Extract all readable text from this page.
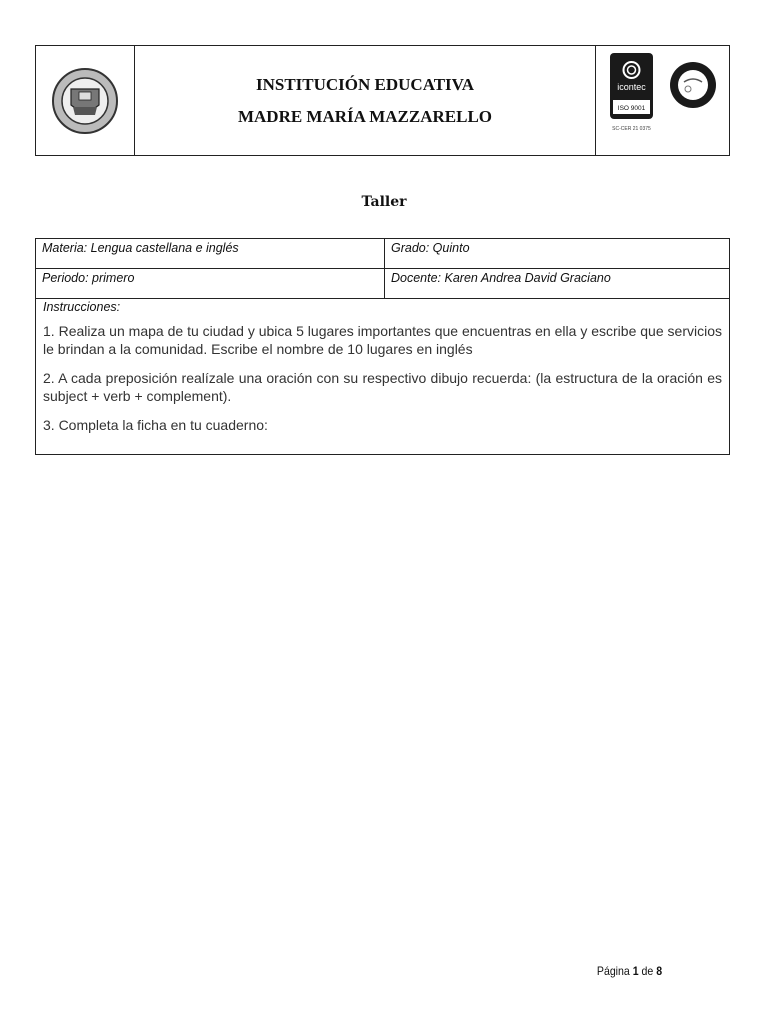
INSTITUCIÓN EDUCATIVA
MADRE MARÍA MAZZARELLO
icontec
ISO 9001
SC-CER 21 0375
Taller
Materia: Lengua castellana e inglés	Grado: Quinto
Periodo: primero	Docente: Karen Andrea David Graciano
Instrucciones:
1. Realiza un mapa de tu ciudad y ubica 5 lugares importantes que encuentras en ella y escribe que servicios le brindan a la comunidad. Escribe el nombre de 10 lugares en inglés
2. A cada preposición realízale una oración con su respectivo dibujo recuerda: (la estructura de la oración es subject + verb + complement).
3. Completa la ficha en tu cuaderno:
Página 1 de 8
